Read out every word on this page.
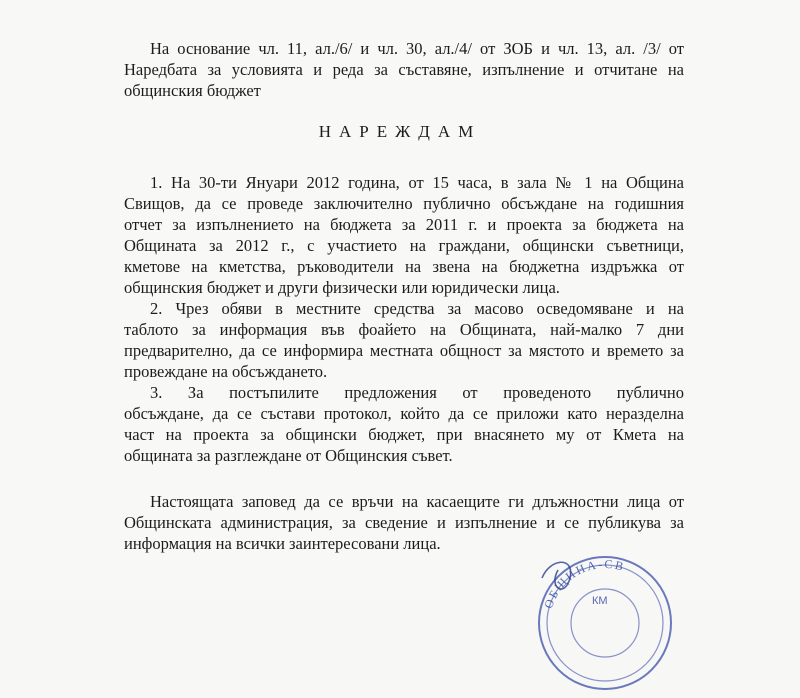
На основание чл. 11, ал./6/ и чл. 30, ал./4/ от ЗОБ и чл. 13, ал. /3/ от
Наредбата за условията и реда за съставяне, изпълнение и отчитане на
общинския бюджет
НАРЕЖДАМ
1. На 30-ти Януари 2012 година, от 15 часа, в зала № 1 на Община
Свищов, да се проведе заключително публично обсъждане на годишния
отчет за изпълнението на бюджета за 2011 г. и проекта за бюджета на
Общината за 2012 г., с участието на граждани, общински съветници,
кметове на кметства, ръководители на звена на бюджетна издръжка от
общинския бюджет и други физически или юридически лица.
2. Чрез обяви в местните средства за масово осведомяване и на
таблото за информация във фоайето на Общината, най-малко 7 дни
предварително, да се информира местната общност за мястото и времето за
провеждане на обсъждането.
3. За постъпилите предложения от проведеното публично
обсъждане, да се състави протокол, който да се приложи като неразделна
част на проекта за общински бюджет, при внасянето му от Кмета на
общината за разглеждане от Общинския съвет.
Настоящата заповед да се връчи на касаещите ги длъжностни лица от
Общинската администрация, за сведение и изпълнение и се публикува за
информация на всички заинтересовани лица.
ОБЩИНА-СВ
КМ
